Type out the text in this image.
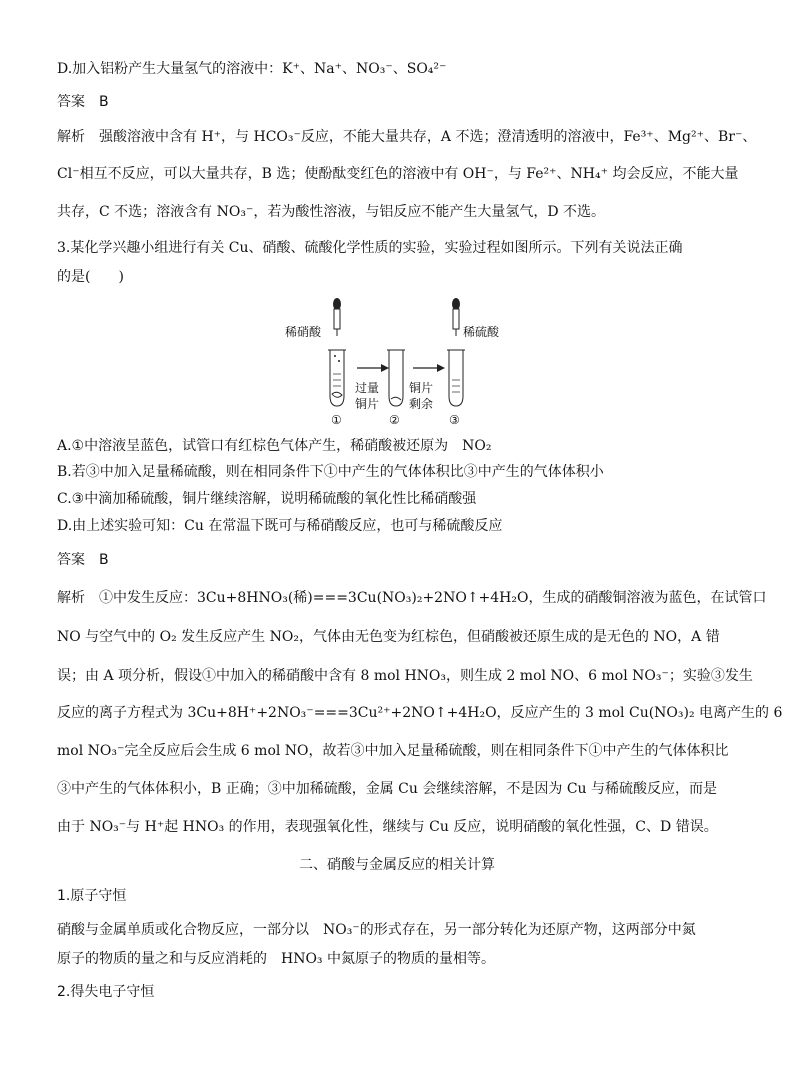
D.加入铝粉产生大量氢气的溶液中：K⁺、Na⁺、NO₃⁻、SO₄²⁻
答案　B
解析　强酸溶液中含有 H⁺，与 HCO₃⁻反应，不能大量共存，A 不选；澄清透明的溶液中，Fe³⁺、Mg²⁺、Br⁻、
Cl⁻相互不反应，可以大量共存，B 选；使酚酞变红色的溶液中有 OH⁻，与 Fe²⁺、NH₄⁺ 均会反应，不能大量
共存，C 不选；溶液含有 NO₃⁻，若为酸性溶液，与铝反应不能产生大量氢气，D 不选。
3.某化学兴趣小组进行有关 Cu、硝酸、硫酸化学性质的实验，实验过程如图所示。下列有关说法正确
的是(　　)
稀硝酸
①
过量
铜片
②
铜片
剩余
稀硫酸
③
A.①中溶液呈蓝色，试管口有红棕色气体产生，稀硝酸被还原为　NO₂
B.若③中加入足量稀硫酸，则在相同条件下①中产生的气体体积比③中产生的气体体积小
C.③中滴加稀硫酸，铜片继续溶解，说明稀硫酸的氧化性比稀硝酸强
D.由上述实验可知：Cu 在常温下既可与稀硝酸反应，也可与稀硫酸反应
答案　B
解析　①中发生反应：3Cu+8HNO₃(稀)===3Cu(NO₃)₂+2NO↑+4H₂O，生成的硝酸铜溶液为蓝色，在试管口
NO 与空气中的 O₂ 发生反应产生 NO₂，气体由无色变为红棕色，但硝酸被还原生成的是无色的 NO，A 错
误；由 A 项分析，假设①中加入的稀硝酸中含有 8 mol HNO₃，则生成 2 mol NO、6 mol NO₃⁻；实验③发生
反应的离子方程式为 3Cu+8H⁺+2NO₃⁻===3Cu²⁺+2NO↑+4H₂O，反应产生的 3 mol Cu(NO₃)₂ 电离产生的 6
mol NO₃⁻完全反应后会生成 6 mol NO，故若③中加入足量稀硫酸，则在相同条件下①中产生的气体体积比
③中产生的气体体积小，B 正确；③中加稀硫酸，金属 Cu 会继续溶解，不是因为 Cu 与稀硫酸反应，而是
由于 NO₃⁻与 H⁺起 HNO₃ 的作用，表现强氧化性，继续与 Cu 反应，说明硝酸的氧化性强，C、D 错误。
二、硝酸与金属反应的相关计算
1.原子守恒
硝酸与金属单质或化合物反应，一部分以　NO₃⁻的形式存在，另一部分转化为还原产物，这两部分中氮
原子的物质的量之和与反应消耗的　HNO₃ 中氮原子的物质的量相等。
2.得失电子守恒
